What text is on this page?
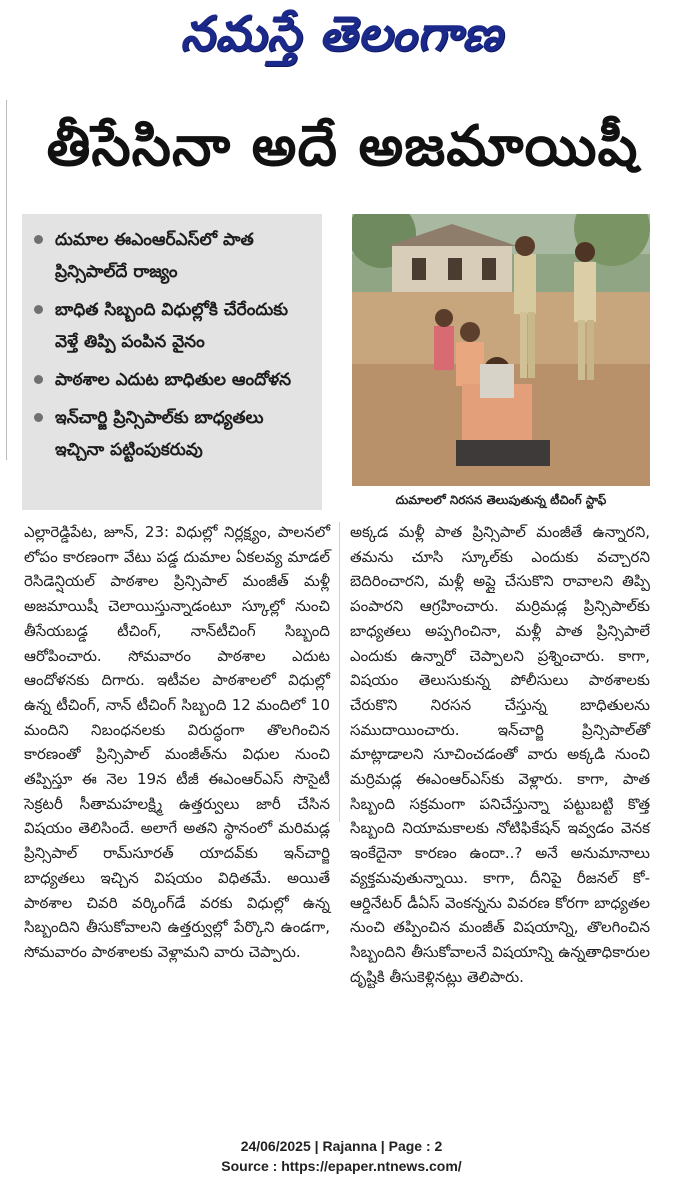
నమస్తే తెలంగాణ
తీసేసినా అదే అజమాయిషీ
దుమాల ఈఎంఆర్ఎస్‌లో పాత ప్రిన్సిపాల్‌దే రాజ్యం
బాధిత సిబ్బంది విధుల్లోకి చేరేందుకు వెళ్తే తిప్పి పంపిన వైనం
పాఠశాల ఎదుట బాధితుల ఆందోళన
ఇన్‌చార్జి ప్రిన్సిపాల్‌కు బాధ్యతలు ఇచ్చినా పట్టింపుకరువు
దుమాలలో నిరసన తెలుపుతున్న టీచింగ్ స్టాఫ్
ఎల్లారెడ్డిపేట, జూన్, 23: విధుల్లో నిర్లక్ష్యం, పాలనలో లోపం కారణంగా వేటు పడ్డ దుమాల ఏకలవ్య మాడల్ రెసిడెన్షియల్ పాఠశాల ప్రిన్సిపాల్ మంజీత్ మళ్లీ అజమాయిషీ చెలాయిస్తున్నాడంటూ స్కూల్లో నుంచి తీసేయబడ్డ టీచింగ్, నాన్‌టీచింగ్ సిబ్బంది ఆరోపించారు. సోమవారం పాఠశాల ఎదుట ఆందోళనకు దిగారు. ఇటీవల పాఠశాలలో విధుల్లో ఉన్న టీచింగ్, నాన్ టీచింగ్ సిబ్బంది 12 మందిలో 10 మందిని నిబంధనలకు విరుద్ధంగా తొలగించిన కారణంతో ప్రిన్సిపాల్ మంజీత్‌ను విధుల నుంచి తప్పిస్తూ ఈ నెల 19న టీజీ ఈఎంఆర్ఎస్ సొసైటీ సెక్రటరీ సీతామహలక్ష్మి ఉత్తర్వులు జారీ చేసిన విషయం తెలిసిందే. అలాగే అతని స్థానంలో మరిమడ్ల ప్రిన్సిపాల్ రామ్‌సూరత్ యాదవ్‌కు ఇన్‌చార్జి బాధ్యతలు ఇచ్చిన విషయం విధితమే. అయితే పాఠశాల చివరి వర్కింగ్‌డే వరకు విధుల్లో ఉన్న సిబ్బందిని తీసుకోవాలని ఉత్తర్వుల్లో పేర్కొని ఉండగా, సోమవారం పాఠశాలకు వెళ్లామని వారు చెప్పారు.
అక్కడ మళ్లీ పాత ప్రిన్సిపాల్ మంజీతే ఉన్నారని, తమను చూసి స్కూల్‌కు ఎందుకు వచ్చారని బెదిరించారని, మళ్లీ అప్లై చేసుకొని రావాలని తిప్పి పంపారని ఆగ్రహించారు. మర్రిమడ్ల ప్రిన్సిపాల్‌కు బాధ్యతలు అప్పగించినా, మళ్లీ పాత ప్రిన్సిపాలే ఎందుకు ఉన్నారో చెప్పాలని ప్రశ్నించారు. కాగా, విషయం తెలుసుకున్న పోలీసులు పాఠశాలకు చేరుకొని నిరసన చేస్తున్న బాధితులను సముదాయించారు. ఇన్‌చార్జి ప్రిన్సిపాల్‌తో మాట్లాడాలని సూచించడంతో వారు అక్కడి నుంచి మర్రిమడ్ల ఈఎంఆర్ఎస్‌కు వెళ్లారు. కాగా, పాత సిబ్బంది సక్రమంగా పనిచేస్తున్నా పట్టుబట్టి కొత్త సిబ్బంది నియామకాలకు నోటిఫికేషన్ ఇవ్వడం వెనక ఇంకేదైనా కారణం ఉందా..? అనే అనుమానాలు వ్యక్తమవుతున్నాయి. కాగా, దీనిపై రీజనల్ కో-ఆర్డినేటర్ డీఏస్ వెంకన్నను వివరణ కోరగా బాధ్యతల నుంచి తప్పించిన మంజీత్ విషయాన్ని, తొలగించిన సిబ్బందిని తీసుకోవాలనే విషయాన్ని ఉన్నతాధికారుల దృష్టికి తీసుకెళ్లినట్లు తెలిపారు.
24/06/2025 | Rajanna | Page : 2
Source : https://epaper.ntnews.com/
